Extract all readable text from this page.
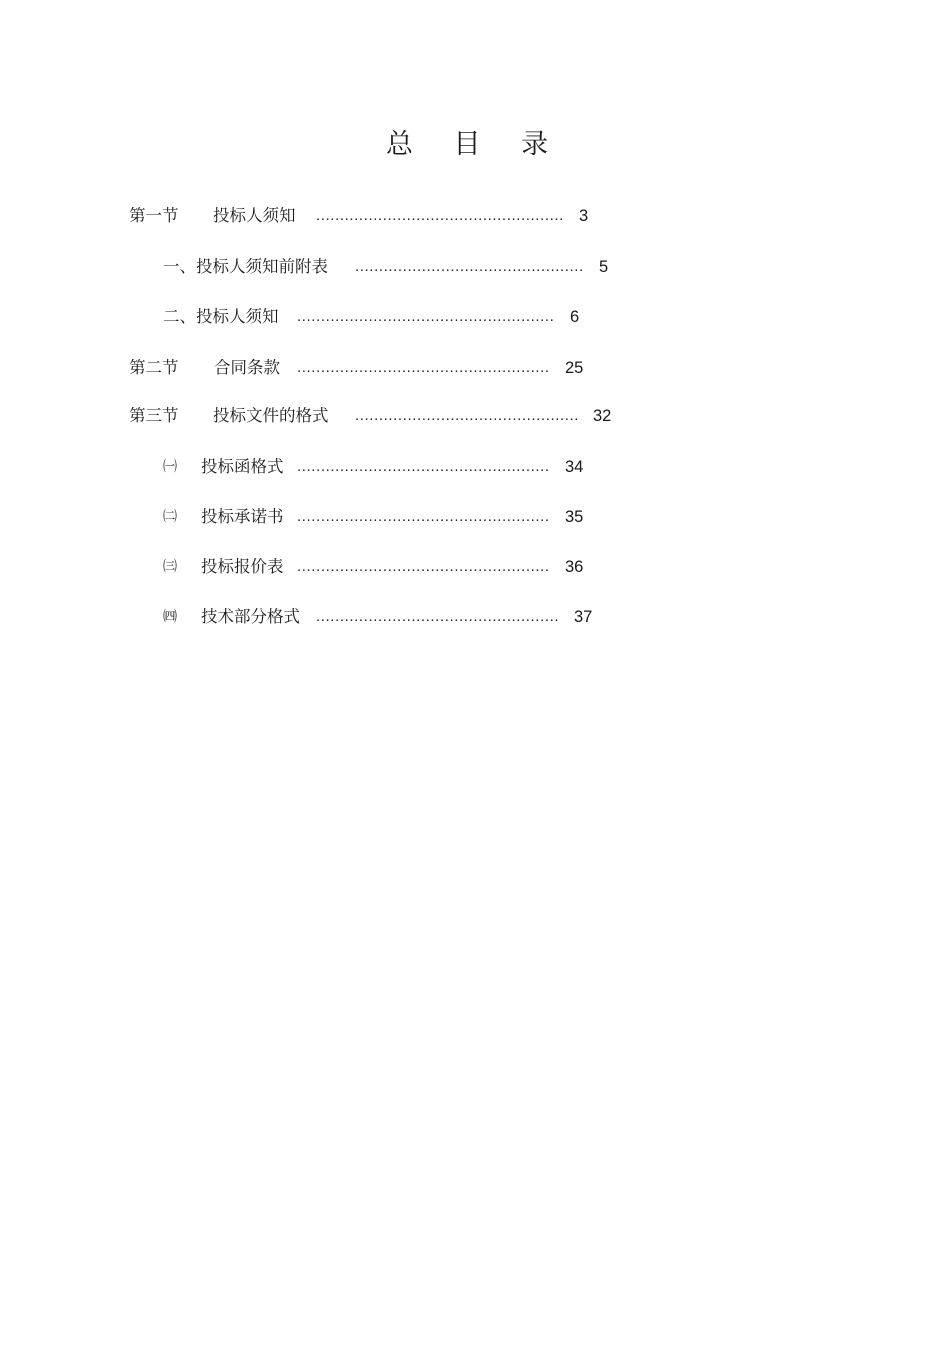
总 目 录
第一节 投标人须知 .................................................... 3
一、投标人须知前附表 ................................................ 5
二、投标人须知 ...................................................... 6
第二节 合同条款 ..................................................... 25
第三节 投标文件的格式 ............................................... 32
㈠ 投标函格式 ..................................................... 34
㈡ 投标承诺书 ..................................................... 35
㈢ 投标报价表 ..................................................... 36
㈣ 技术部分格式 ................................................... 37
